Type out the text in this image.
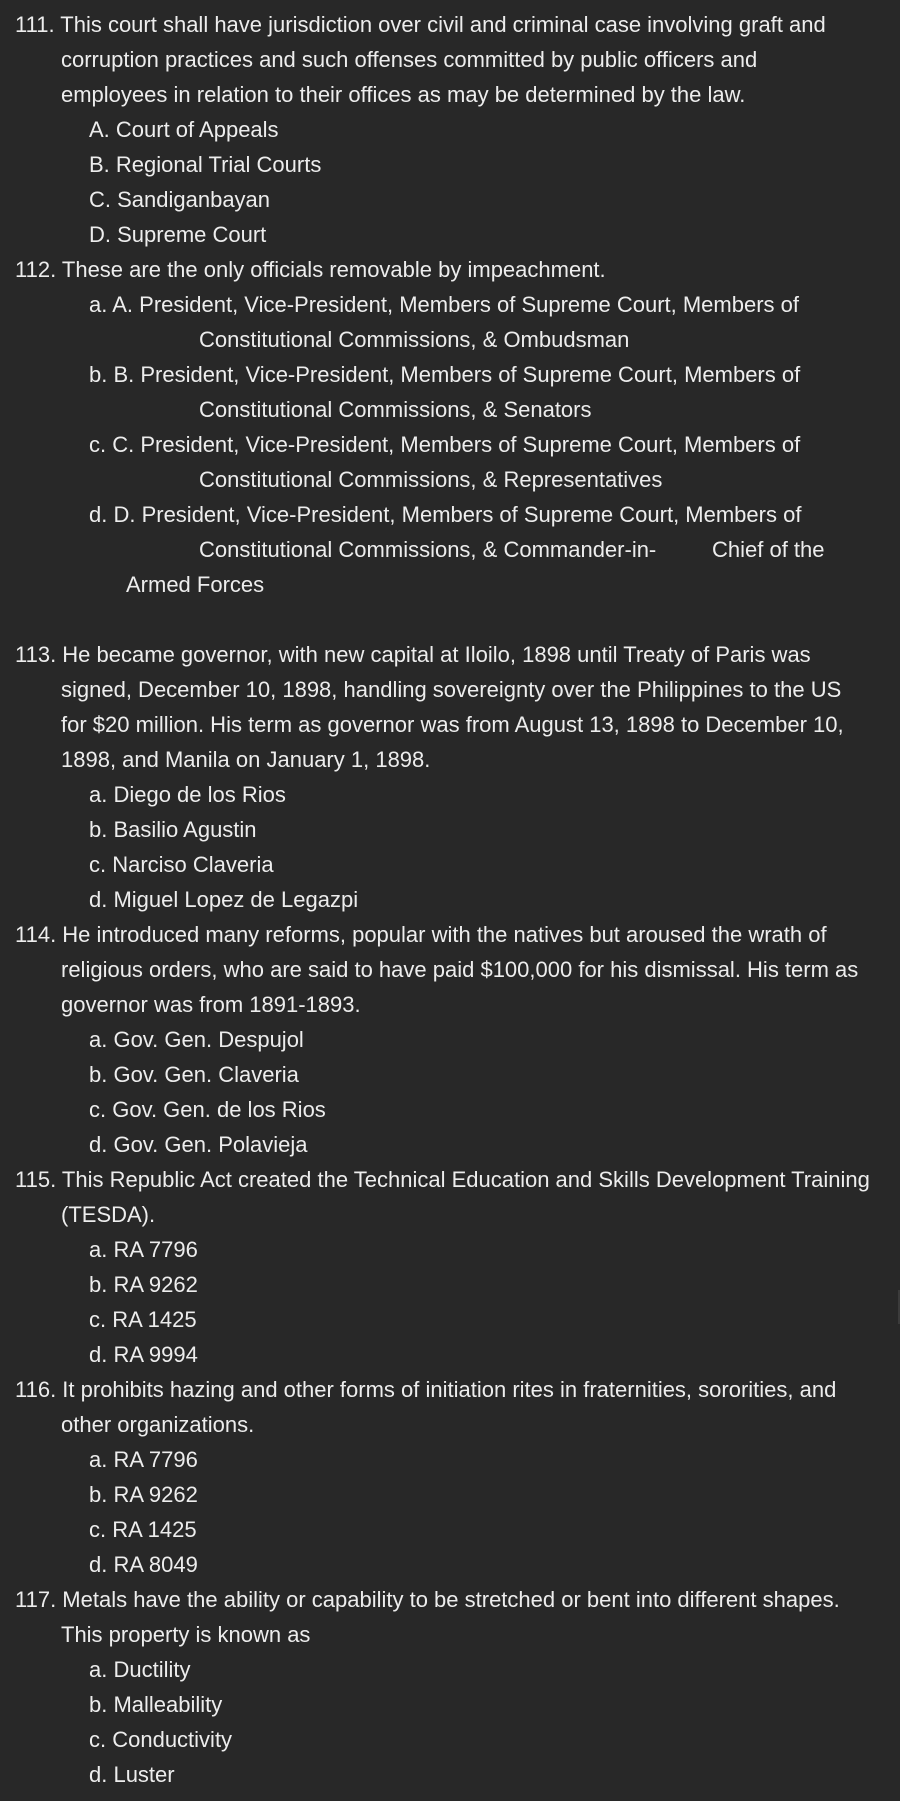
111. This court shall have jurisdiction over civil and criminal case involving graft and
corruption practices and such offenses committed by public officers and
employees in relation to their offices as may be determined by the law.
A. Court of Appeals
B. Regional Trial Courts
C. Sandiganbayan
D. Supreme Court
112. These are the only officials removable by impeachment.
a. A. President, Vice-President, Members of Supreme Court, Members of
Constitutional Commissions, & Ombudsman
b. B. President, Vice-President, Members of Supreme Court, Members of
Constitutional Commissions, & Senators
c. C. President, Vice-President, Members of Supreme Court, Members of
Constitutional Commissions, & Representatives
d. D. President, Vice-President, Members of Supreme Court, Members of
Constitutional Commissions, & Commander-in-	Chief of the
Armed Forces
113. He became governor, with new capital at Iloilo, 1898 until Treaty of Paris was
signed, December 10, 1898, handling sovereignty over the Philippines to the US
for $20 million. His term as governor was from August 13, 1898 to December 10,
1898, and Manila on January 1, 1898.
a. Diego de los Rios
b. Basilio Agustin
c. Narciso Claveria
d. Miguel Lopez de Legazpi
114. He introduced many reforms, popular with the natives but aroused the wrath of
religious orders, who are said to have paid $100,000 for his dismissal. His term as
governor was from 1891-1893.
a. Gov. Gen. Despujol
b. Gov. Gen. Claveria
c. Gov. Gen. de los Rios
d. Gov. Gen. Polavieja
115. This Republic Act created the Technical Education and Skills Development Training
(TESDA).
a. RA 7796
b. RA 9262
c. RA 1425
d. RA 9994
116. It prohibits hazing and other forms of initiation rites in fraternities, sororities, and
other organizations.
a. RA 7796
b. RA 9262
c. RA 1425
d. RA 8049
117. Metals have the ability or capability to be stretched or bent into different shapes.
This property is known as
a. Ductility
b. Malleability
c. Conductivity
d. Luster
